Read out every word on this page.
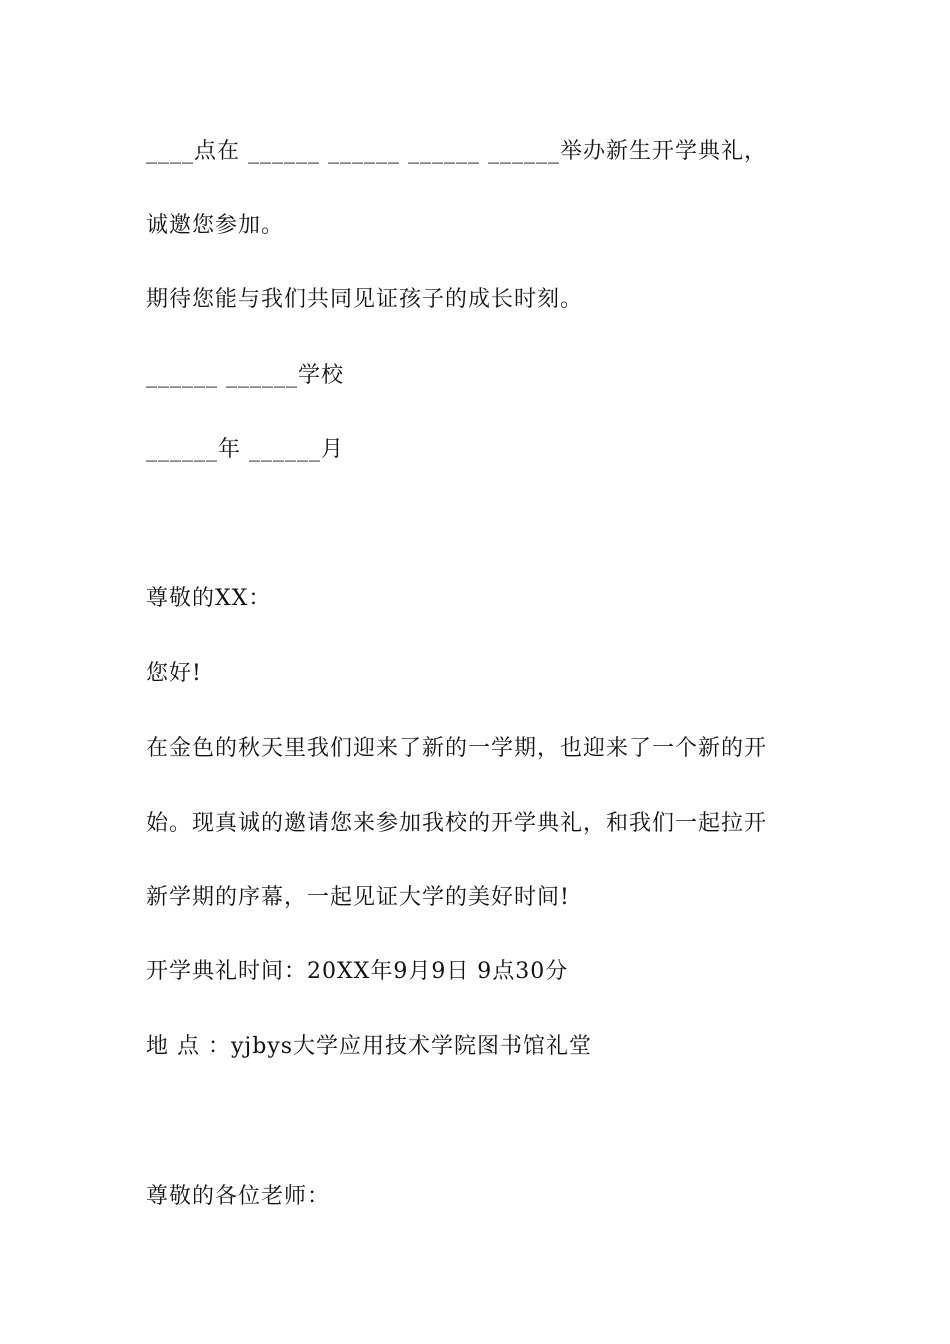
____点在 ______ ______ ______ ______举办新生开学典礼，
诚邀您参加。
期待您能与我们共同见证孩子的成长时刻。
______ ______学校
______年 ______月
尊敬的XX：
您好!
在金色的秋天里我们迎来了新的一学期，也迎来了一个新的开
始。现真诚的邀请您来参加我校的开学典礼，和我们一起拉开
新学期的序幕，一起见证大学的美好时间!
开学典礼时间：20XX年9月9日 9点30分
地 点 ：yjbys大学应用技术学院图书馆礼堂
尊敬的各位老师：
